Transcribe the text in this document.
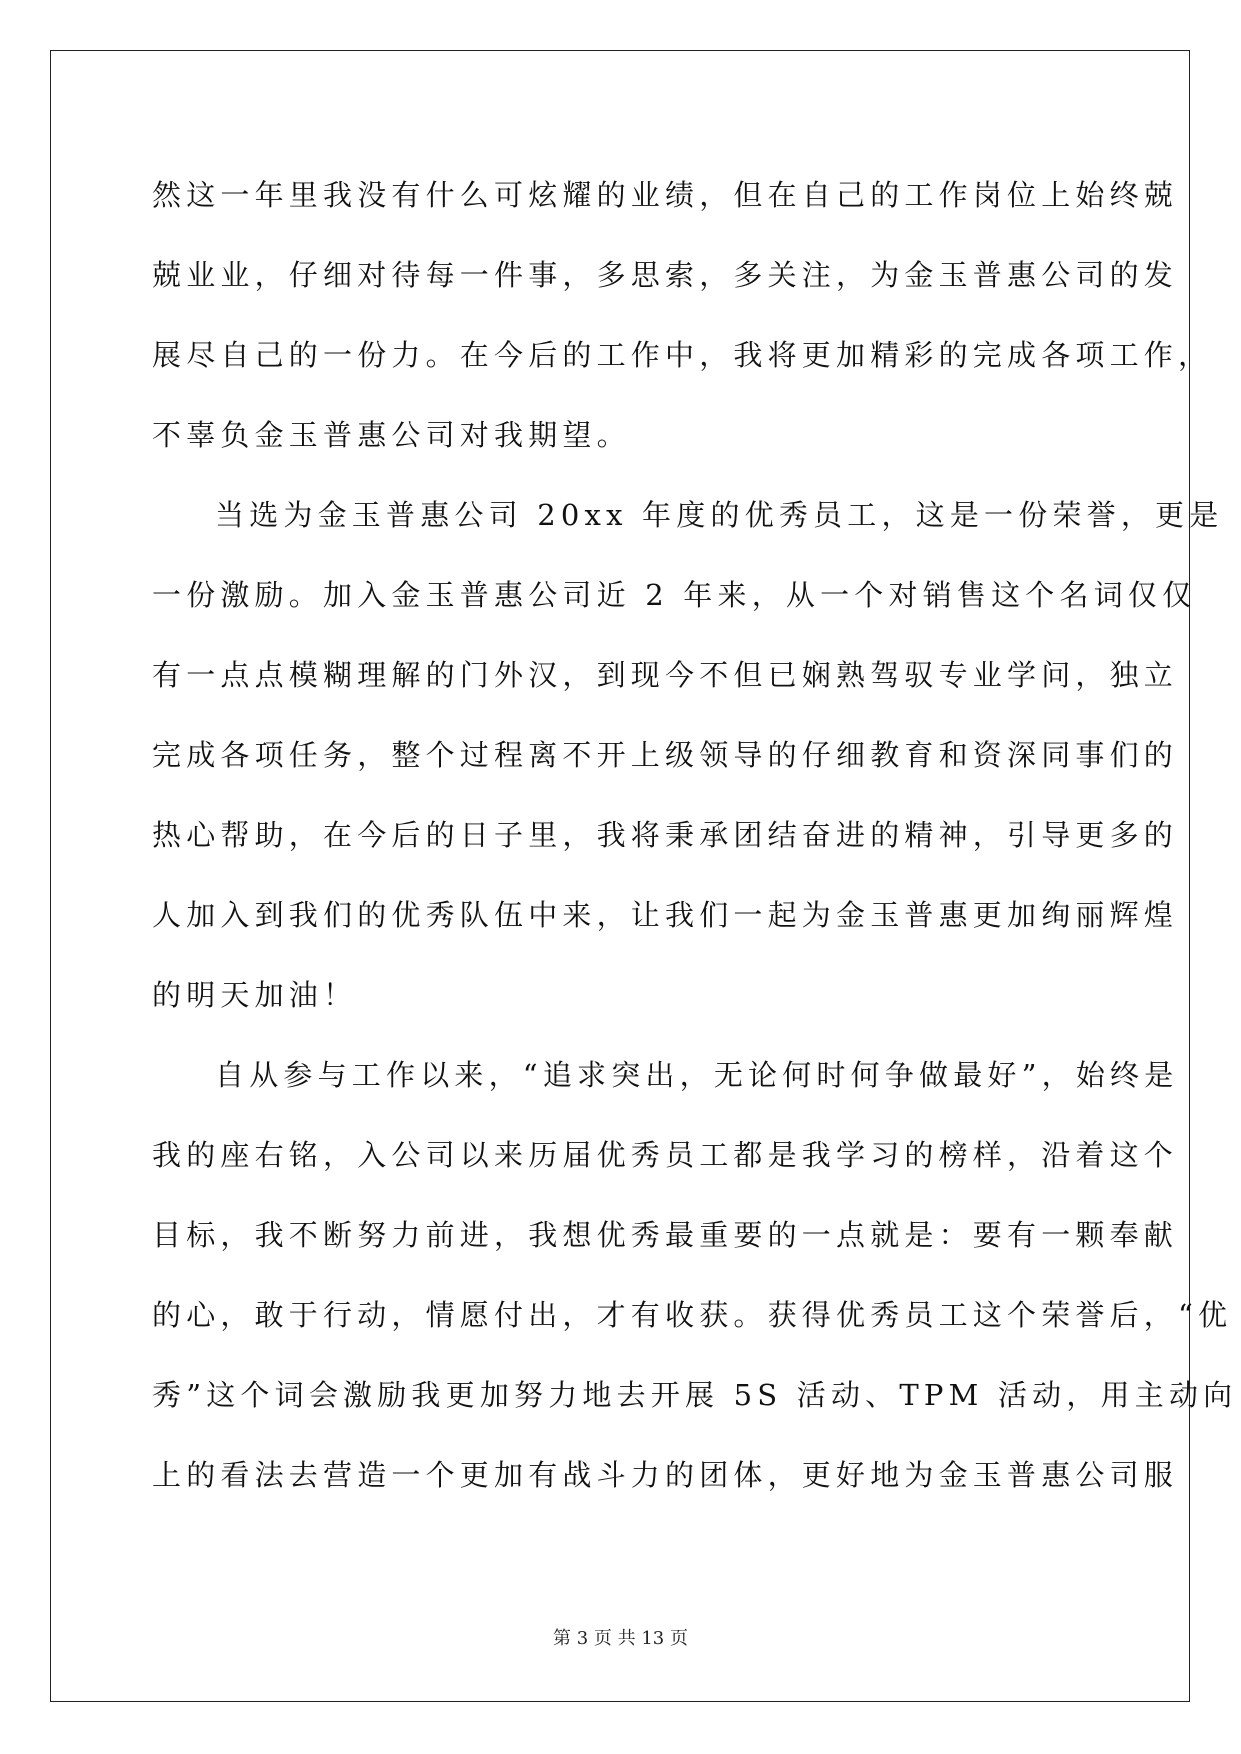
然这一年里我没有什么可炫耀的业绩，但在自己的工作岗位上始终兢
兢业业，仔细对待每一件事，多思索，多关注，为金玉普惠公司的发
展尽自己的一份力。在今后的工作中，我将更加精彩的完成各项工作，
不辜负金玉普惠公司对我期望。
当选为金玉普惠公司 20xx 年度的优秀员工，这是一份荣誉，更是
一份激励。加入金玉普惠公司近 2 年来，从一个对销售这个名词仅仅
有一点点模糊理解的门外汉，到现今不但已娴熟驾驭专业学问，独立
完成各项任务，整个过程离不开上级领导的仔细教育和资深同事们的
热心帮助，在今后的日子里，我将秉承团结奋进的精神，引导更多的
人加入到我们的优秀队伍中来，让我们一起为金玉普惠更加绚丽辉煌
的明天加油！
自从参与工作以来，“追求突出，无论何时何争做最好”，始终是
我的座右铭，入公司以来历届优秀员工都是我学习的榜样，沿着这个
目标，我不断努力前进，我想优秀最重要的一点就是：要有一颗奉献
的心，敢于行动，情愿付出，才有收获。获得优秀员工这个荣誉后，“优
秀”这个词会激励我更加努力地去开展 5S 活动、TPM 活动，用主动向
上的看法去营造一个更加有战斗力的团体，更好地为金玉普惠公司服
第 3 页 共 13 页
